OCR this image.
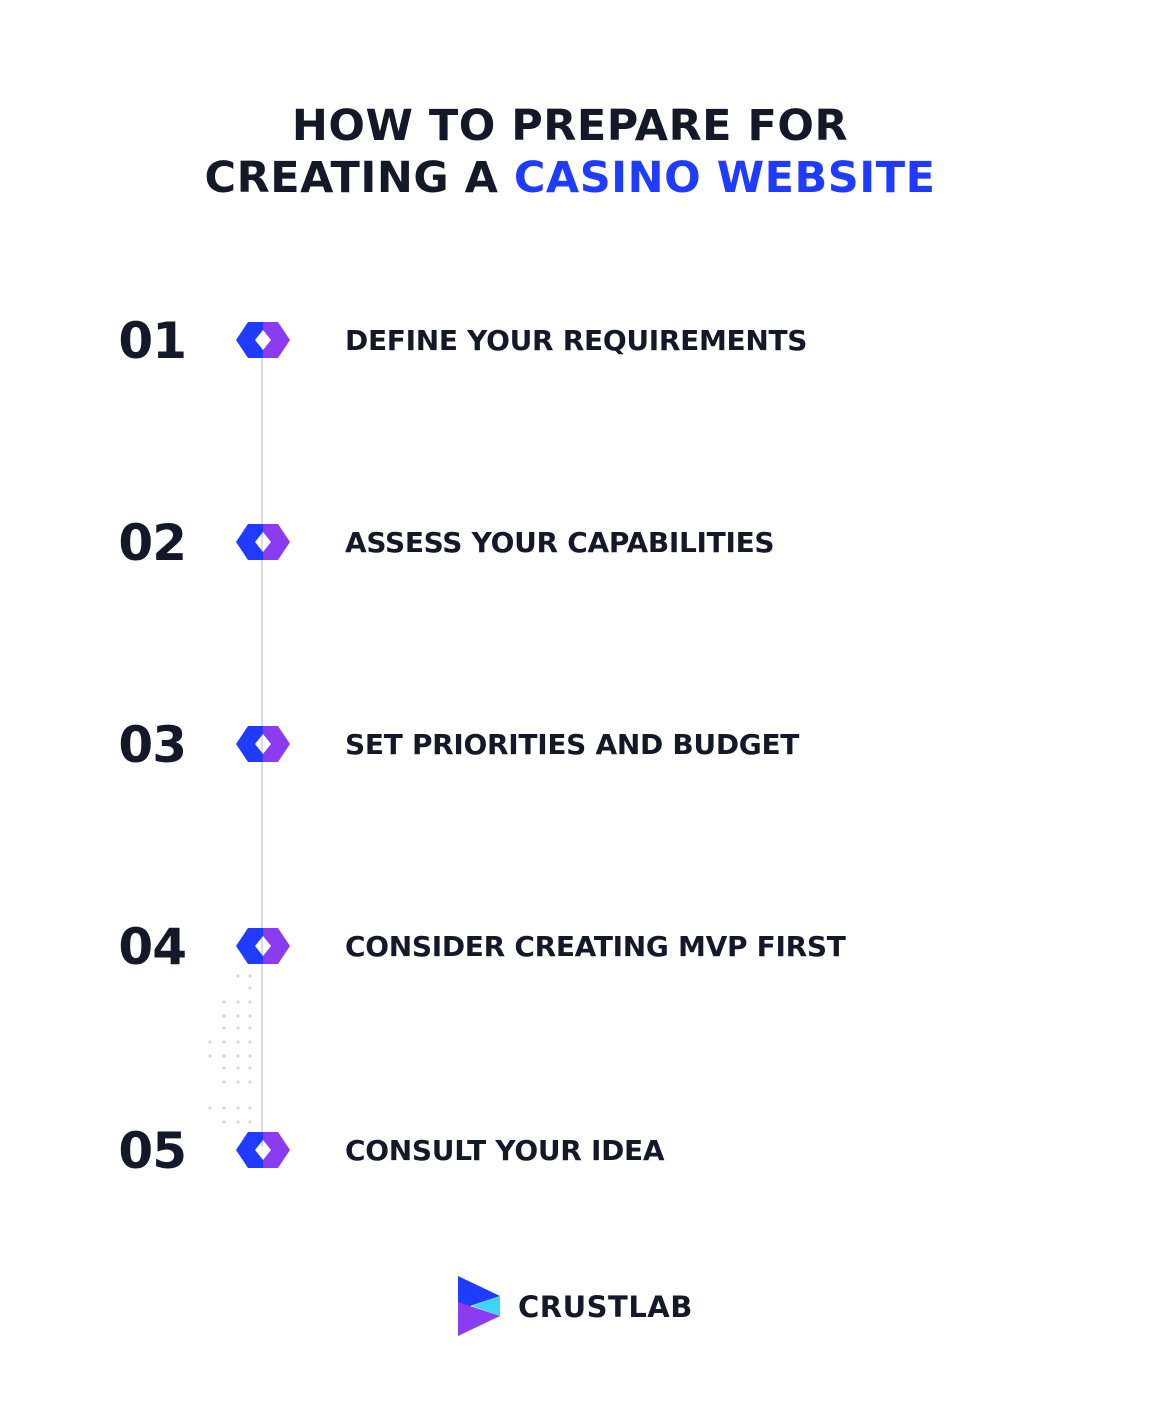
HOW TO PREPARE FOR
CREATING A CASINO WEBSITE
01	DEFINE YOUR REQUIREMENTS
02	ASSESS YOUR CAPABILITIES
03	SET PRIORITIES AND BUDGET
04	CONSIDER CREATING MVP FIRST
05	CONSULT YOUR IDEA
CRUSTLAB
